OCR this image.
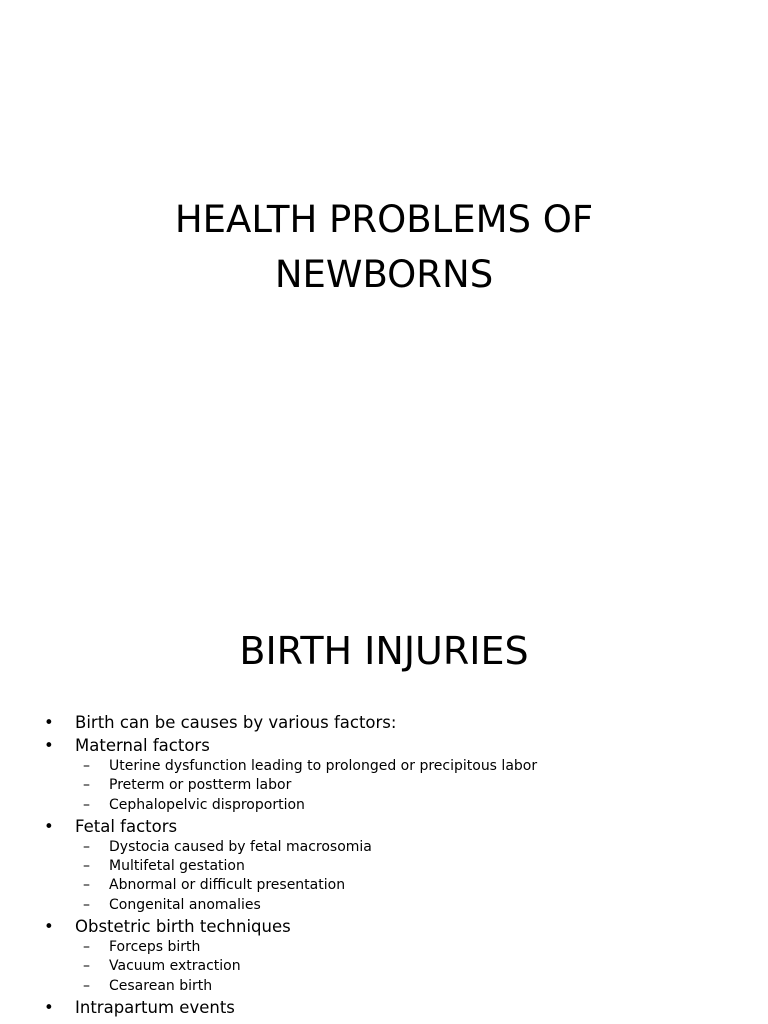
HEALTH PROBLEMS OF
NEWBORNS
BIRTH INJURIES
• Birth can be causes by various factors:
• Maternal factors
– Uterine dysfunction leading to prolonged or precipitous labor
– Preterm or postterm labor
– Cephalopelvic disproportion
• Fetal factors
– Dystocia caused by fetal macrosomia
– Multifetal gestation
– Abnormal or difficult presentation
– Congenital anomalies
• Obstetric birth techniques
– Forceps birth
– Vacuum extraction
– Cesarean birth
• Intrapartum events
